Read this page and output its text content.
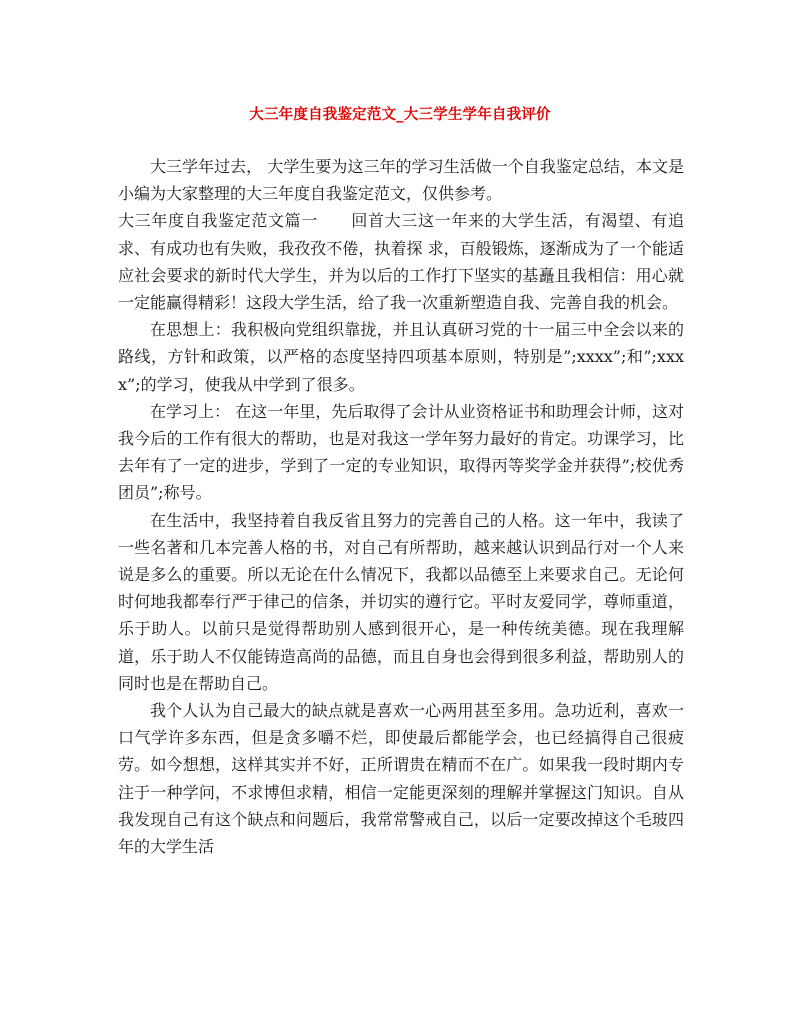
大三年度自我鉴定范文_大三学生学年自我评价

大三学年过去， 大学生要为这三年的学习生活做一个自我鉴定总结，本文是小编为大家整理的大三年度自我鉴定范文，仅供参考。

大三年度自我鉴定范文篇一　　回首大三这一年来的大学生活，有渴望、有追求、有成功也有失败，我孜孜不倦，执着探 求，百般锻炼，逐渐成为了一个能适应社会要求的新时代大学生，并为以后的工作打下坚实的基矗且我相信：用心就一定能赢得精彩！这段大学生活，给了我一次重新塑造自我、完善自我的机会。

在思想上：我积极向党组织靠拢，并且认真研习党的十一届三中全会以来的路线，方针和政策，以严格的态度坚持四项基本原则，特别是”;xxxx”;和”;xxxx”;的学习，使我从中学到了很多。

在学习上： 在这一年里，先后取得了会计从业资格证书和助理会计师，这对我今后的工作有很大的帮助，也是对我这一学年努力最好的肯定。功课学习，比去年有了一定的进步，学到了一定的专业知识，取得丙等奖学金并获得”;校优秀团员”;称号。

在生活中，我坚持着自我反省且努力的完善自己的人格。这一年中，我读了一些名著和几本完善人格的书，对自己有所帮助，越来越认识到品行对一个人来说是多么的重要。所以无论在什么情况下，我都以品德至上来要求自己。无论何时何地我都奉行严于律己的信条，并切实的遵行它。平时友爱同学，尊师重道，乐于助人。以前只是觉得帮助别人感到很开心，是一种传统美德。现在我理解道，乐于助人不仅能铸造高尚的品德，而且自身也会得到很多利益，帮助别人的同时也是在帮助自己。

我个人认为自己最大的缺点就是喜欢一心两用甚至多用。急功近利，喜欢一口气学许多东西，但是贪多嚼不烂，即使最后都能学会，也已经搞得自己很疲劳。如今想想，这样其实并不好，正所谓贵在精而不在广。如果我一段时期内专注于一种学问，不求博但求精，相信一定能更深刻的理解并掌握这门知识。自从我发现自己有这个缺点和问题后，我常常警戒自己，以后一定要改掉这个毛玻四年的大学生活
